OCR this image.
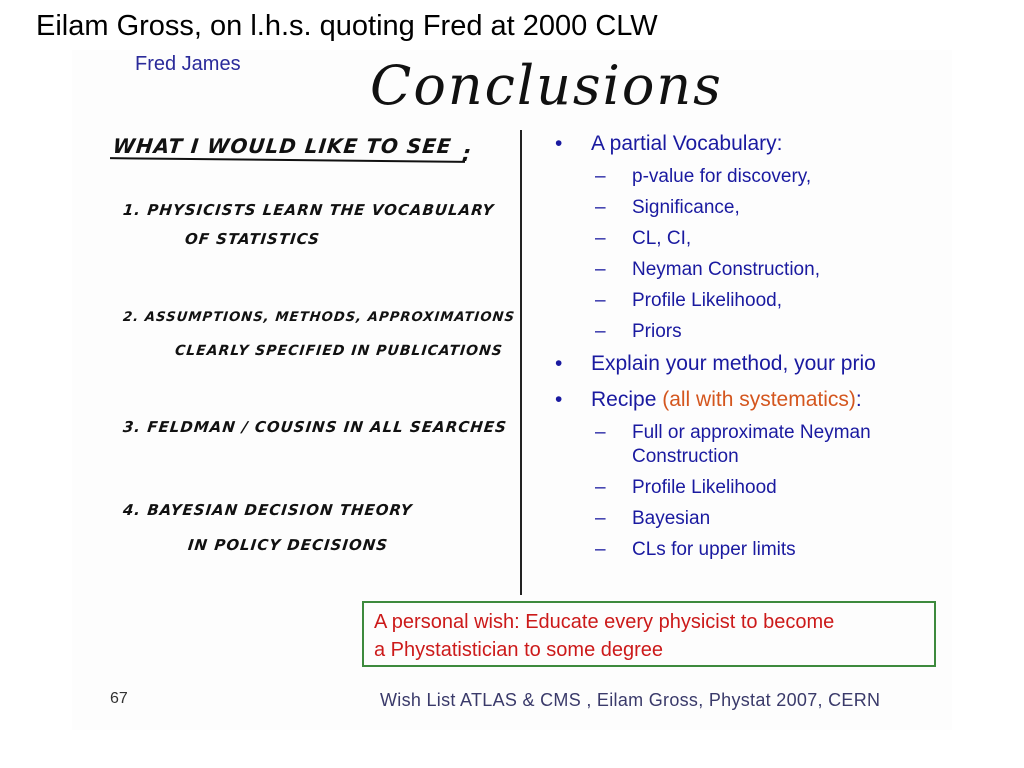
Eilam Gross, on l.h.s. quoting Fred at 2000 CLW
Fred James Conclusions
WHAT I WOULD LIKE TO SEE :
1. PHYSICISTS LEARN THE VOCABULARY
OF STATISTICS
2. ASSUMPTIONS, METHODS, APPROXIMATIONS
CLEARLY SPECIFIED IN PUBLICATIONS
3. FELDMAN / COUSINS IN ALL SEARCHES
4. BAYESIAN DECISION THEORY
IN POLICY DECISIONS
• A partial Vocabulary:
– p-value for discovery,
– Significance,
– CL, CI,
– Neyman Construction,
– Profile Likelihood,
– Priors
• Explain your method, your prio
• Recipe (all with systematics):
– Full or approximate Neyman Construction
– Profile Likelihood
– Bayesian
– CLs for upper limits
A personal wish: Educate every physicist to become
a Phystatistician to some degree
67	Wish List ATLAS & CMS , Eilam Gross, Phystat 2007, CERN
